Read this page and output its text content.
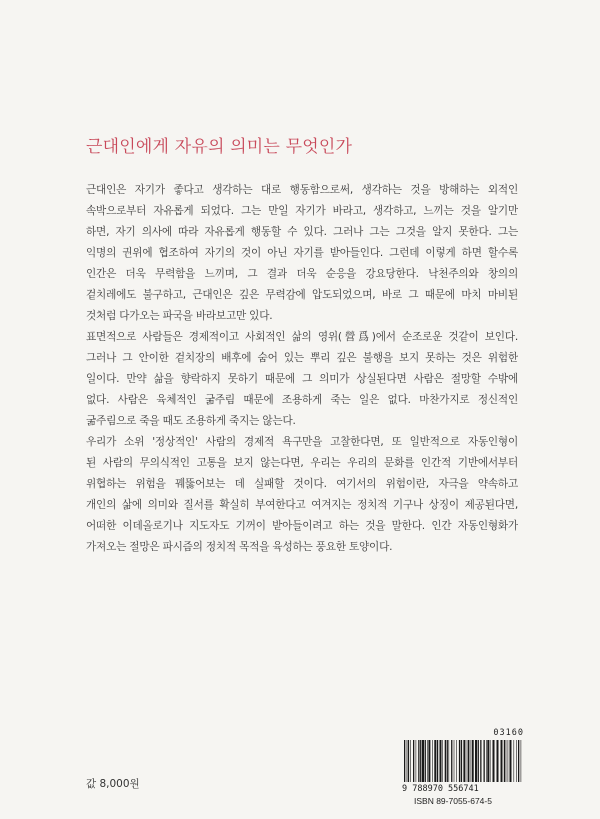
근대인에게 자유의 의미는 무엇인가
근대인은 자기가 좋다고 생각하는 대로 행동함으로써, 생각하는 것을 방해하는 외적인
속박으로부터 자유롭게 되었다. 그는 만일 자기가 바라고, 생각하고, 느끼는 것을 알기만
하면, 자기 의사에 따라 자유롭게 행동할 수 있다. 그러나 그는 그것을 알지 못한다. 그는
익명의 권위에 협조하여 자기의 것이 아닌 자기를 받아들인다. 그런데 이렇게 하면 할수록
인간은 더욱 무력함을 느끼며, 그 결과 더욱 순응을 강요당한다. 낙천주의와 창의의
겉치레에도 불구하고, 근대인은 깊은 무력감에 압도되었으며, 바로 그 때문에 마치 마비된
것처럼 다가오는 파국을 바라보고만 있다.
표면적으로 사람들은 경제적이고 사회적인 삶의 영위(營爲)에서 순조로운 것같이 보인다.
그러나 그 안이한 겉치장의 배후에 숨어 있는 뿌리 깊은 불행을 보지 못하는 것은 위험한
일이다. 만약 삶을 향락하지 못하기 때문에 그 의미가 상실된다면 사람은 절망할 수밖에
없다. 사람은 육체적인 굶주림 때문에 조용하게 죽는 일은 없다. 마찬가지로 정신적인
굶주림으로 죽을 때도 조용하게 죽지는 않는다.
우리가 소위 '정상적인' 사람의 경제적 욕구만을 고찰한다면, 또 일반적으로 자동인형이
된 사람의 무의식적인 고통을 보지 않는다면, 우리는 우리의 문화를 인간적 기반에서부터
위협하는 위험을 꿰뚫어보는 데 실패할 것이다. 여기서의 위험이란, 자극을 약속하고
개인의 삶에 의미와 질서를 확실히 부여한다고 여겨지는 정치적 기구나 상징이 제공된다면,
어떠한 이데올로기나 지도자도 기꺼이 받아들이려고 하는 것을 말한다. 인간 자동인형화가
가져오는 절망은 파시즘의 정치적 목적을 육성하는 풍요한 토양이다.
값 8,000원
03160
9 788970 556741
ISBN 89-7055-674-5
